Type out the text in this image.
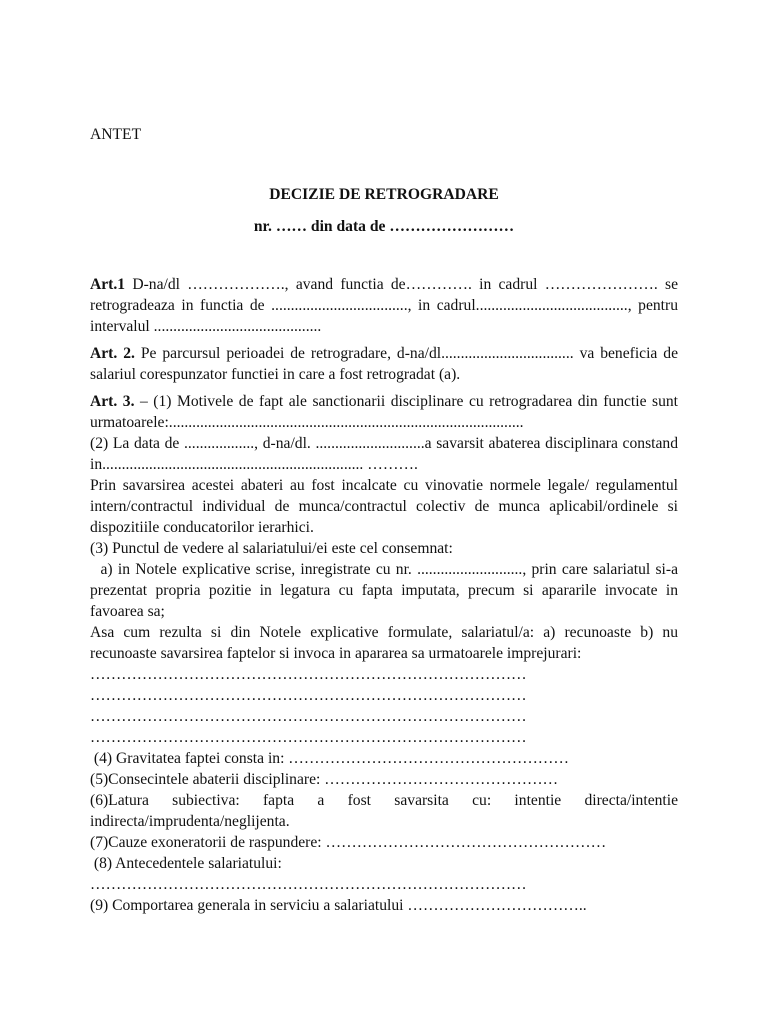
ANTET
DECIZIE DE RETROGRADARE
nr. …… din data de ……………………

Art.1 D-na/dl ………………., avand functia de…………. in cadrul …………………. se retrogradeaza in functia de ..................................., in cadrul......................................., pentru intervalul ...........................................

Art. 2. Pe parcursul perioadei de retrogradare, d-na/dl.................................. va beneficia de salariul corespunzator functiei in care a fost retrogradat (a).

Art. 3. – (1) Motivele de fapt ale sanctionarii disciplinare cu retrogradarea din functie sunt urmatoarele:...........................................................................................

(2) La data de .................., d-na/dl. ............................a savarsit abaterea disciplinara constand in................................................................... ……….

Prin savarsirea acestei abateri au fost incalcate cu vinovatie normele legale/ regulamentul intern/contractul individual de munca/contractul colectiv de munca aplicabil/ordinele si dispozitiile conducatorilor ierarhici.

(3) Punctul de vedere al salariatului/ei este cel consemnat:

a) in Notele explicative scrise, inregistrate cu nr. ..........................., prin care salariatul si-a prezentat propria pozitie in legatura cu fapta imputata, precum si apararile invocate in favoarea sa;

Asa cum rezulta si din Notele explicative formulate, salariatul/a: a) recunoaste b) nu recunoaste savarsirea faptelor si invoca in apararea sa urmatoarele imprejurari:

…………………………………………………………………………
…………………………………………………………………………
…………………………………………………………………………
…………………………………………………………………………

(4) Gravitatea faptei consta in: ………………………………………………

(5)Consecintele abaterii disciplinare: ………………………………………

(6)Latura subiectiva: fapta a fost savarsita cu: intentie directa/intentie indirecta/imprudenta/neglijenta.

(7)Cauze exoneratorii de raspundere: ………………………………………………

(8) Antecedentele salariatului:

…………………………………………………………………………

(9) Comportarea generala in serviciu a salariatului ……………………………..
